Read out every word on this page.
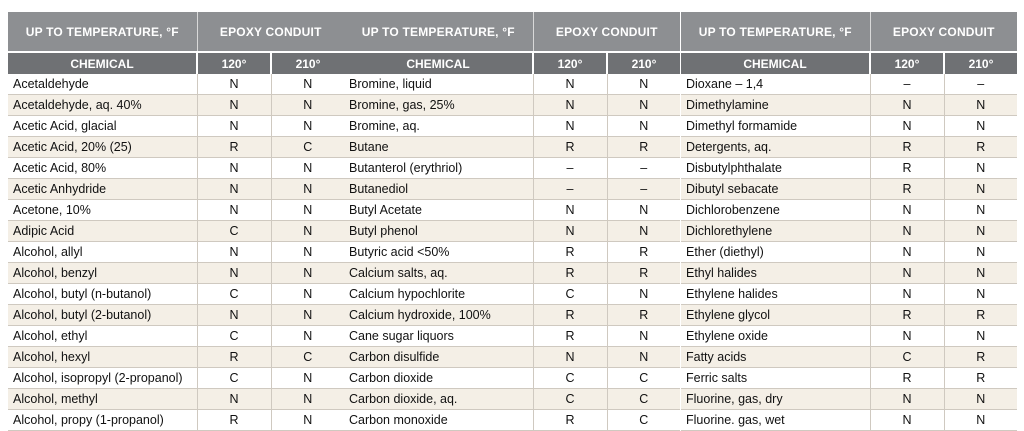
UP TO TEMPERATURE, °F	EPOXY CONDUIT	
CHEMICAL	120°	210°
Acetaldehyde	N	N
Acetaldehyde, aq. 40%	N	N
Acetic Acid, glacial	N	N
Acetic Acid, 20% (25)	R	C
Acetic Acid, 80%	N	N
Acetic Anhydride	N	N
Acetone, 10%	N	N
Adipic Acid	C	N
Alcohol, allyl	N	N
Alcohol, benzyl	N	N
Alcohol, butyl (n-butanol)	C	N
Alcohol, butyl (2-butanol)	N	N
Alcohol, ethyl	C	N
Alcohol, hexyl	R	C
Alcohol, isopropyl (2-propanol)	C	N
Alcohol, methyl	N	N
Alcohol, propy (1-propanol)	R	N
UP TO TEMPERATURE, °F	EPOXY CONDUIT	
CHEMICAL	120°	210°
Bromine, liquid	N	N
Bromine, gas, 25%	N	N
Bromine, aq.	N	N
Butane	R	R
Butanterol (erythriol)	–	–
Butanediol	–	–
Butyl Acetate	N	N
Butyl phenol	N	N
Butyric acid <50%	R	R
Calcium salts, aq.	R	R
Calcium hypochlorite	C	N
Calcium hydroxide, 100%	R	R
Cane sugar liquors	R	N
Carbon disulfide	N	N
Carbon dioxide	C	C
Carbon dioxide, aq.	C	C
Carbon monoxide	R	C
UP TO TEMPERATURE, °F	EPOXY CONDUIT	
CHEMICAL	120°	210°
Dioxane – 1,4	–	–
Dimethylamine	N	N
Dimethyl formamide	N	N
Detergents, aq.	R	R
Disbutylphthalate	R	N
Dibutyl sebacate	R	N
Dichlorobenzene	N	N
Dichlorethylene	N	N
Ether (diethyl)	N	N
Ethyl halides	N	N
Ethylene halides	N	N
Ethylene glycol	R	R
Ethylene oxide	N	N
Fatty acids	C	R
Ferric salts	R	R
Fluorine, gas, dry	N	N
Fluorine. gas, wet	N	N
